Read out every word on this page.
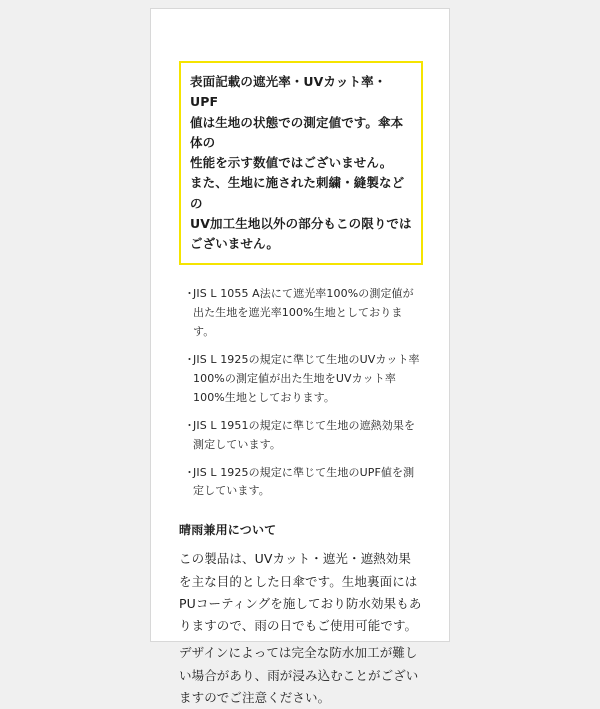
表面記載の遮光率・UVカット率・UPF

値は生地の状態での測定値です。傘本体の

性能を示す数値ではございません。

また、生地に施された刺繍・縫製などの

UV加工生地以外の部分もこの限りでは

ございません。

・
JIS L 1055 A法にて遮光率100%の測定値が出た生地を遮光率100%生地としております。
・
JIS L 1925の規定に準じて生地のUVカット率100%の測定値が出た生地をUVカット率100%生地としております。
・
JIS L 1951の規定に準じて生地の遮熱効果を測定しています。
・
JIS L 1925の規定に準じて生地のUPF値を測定しています。
晴雨兼用について

この製品は、UVカット・遮光・遮熱効果を主な目的とした日傘です。生地裏面にはPUコーティングを施しており防水効果もありますので、雨の日でもご使用可能です。

デザインによっては完全な防水加工が難しい場合があり、雨が浸み込むことがございますのでご注意ください。
